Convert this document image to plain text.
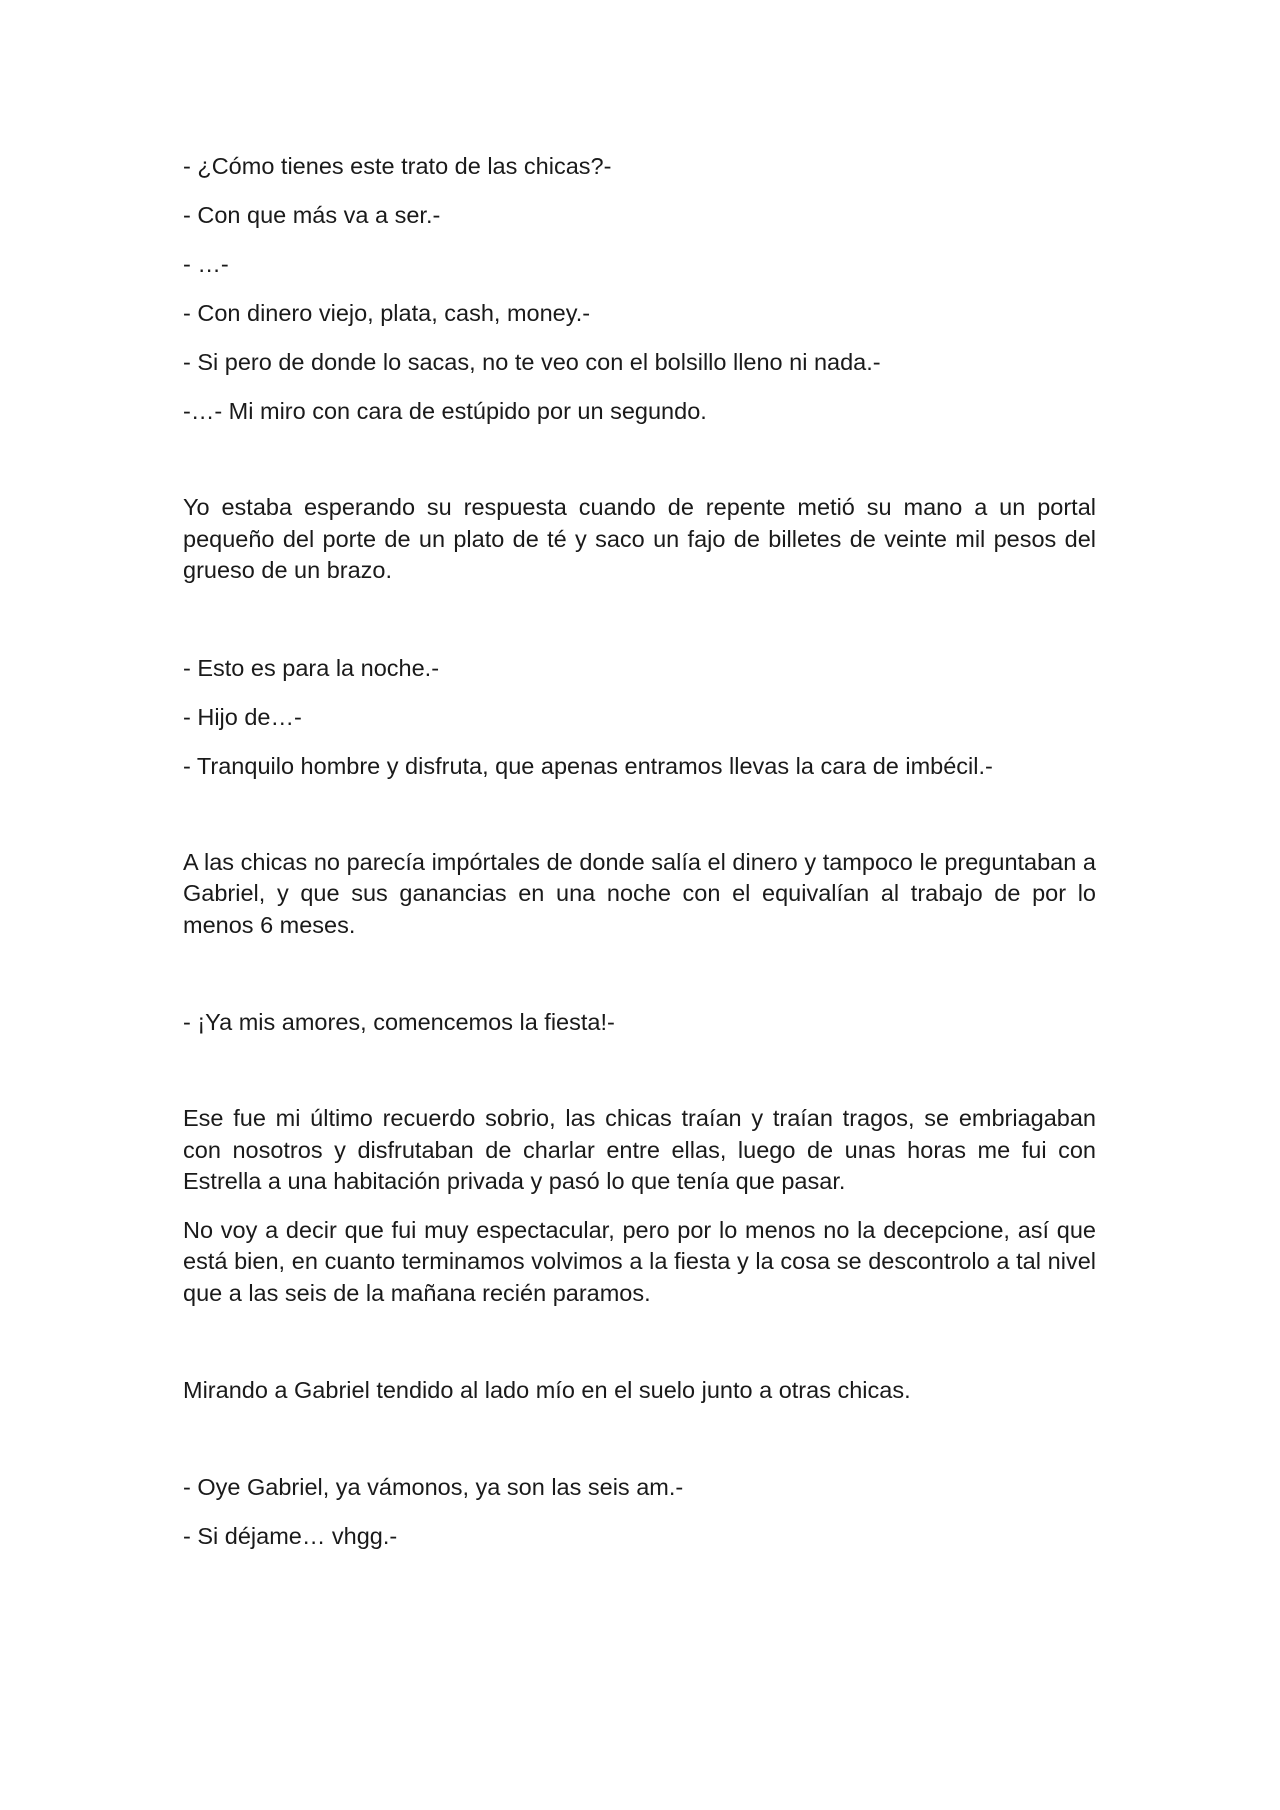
- ¿Cómo tienes este trato de las chicas?-

- Con que más va a ser.-

- …-

- Con dinero viejo, plata, cash, money.-

- Si pero de donde lo sacas, no te veo con el bolsillo lleno ni nada.-

-…- Mi miro con cara de estúpido por un segundo.

Yo estaba esperando su respuesta cuando de repente metió su mano a un portal pequeño del porte de un plato de té y saco un fajo de billetes de veinte mil pesos del grueso de un brazo.

- Esto es para la noche.-

- Hijo de…-

- Tranquilo hombre y disfruta, que apenas entramos llevas la cara de imbécil.-

A las chicas no parecía impórtales de donde salía el dinero y tampoco le preguntaban a Gabriel, y que sus ganancias en una noche con el equivalían al trabajo de por lo menos 6 meses.

- ¡Ya mis amores, comencemos la fiesta!-

Ese fue mi último recuerdo sobrio, las chicas traían y traían tragos, se embriagaban con nosotros y disfrutaban de charlar entre ellas, luego de unas horas me fui con Estrella a una habitación privada y pasó lo que tenía que pasar.

No voy a decir que fui muy espectacular, pero por lo menos no la decepcione, así que está bien, en cuanto terminamos volvimos a la fiesta y la cosa se descontrolo a tal nivel que a las seis de la mañana recién paramos.

Mirando a Gabriel tendido al lado mío en el suelo junto a otras chicas.

- Oye Gabriel, ya vámonos, ya son las seis am.-

- Si déjame… vhgg.-
